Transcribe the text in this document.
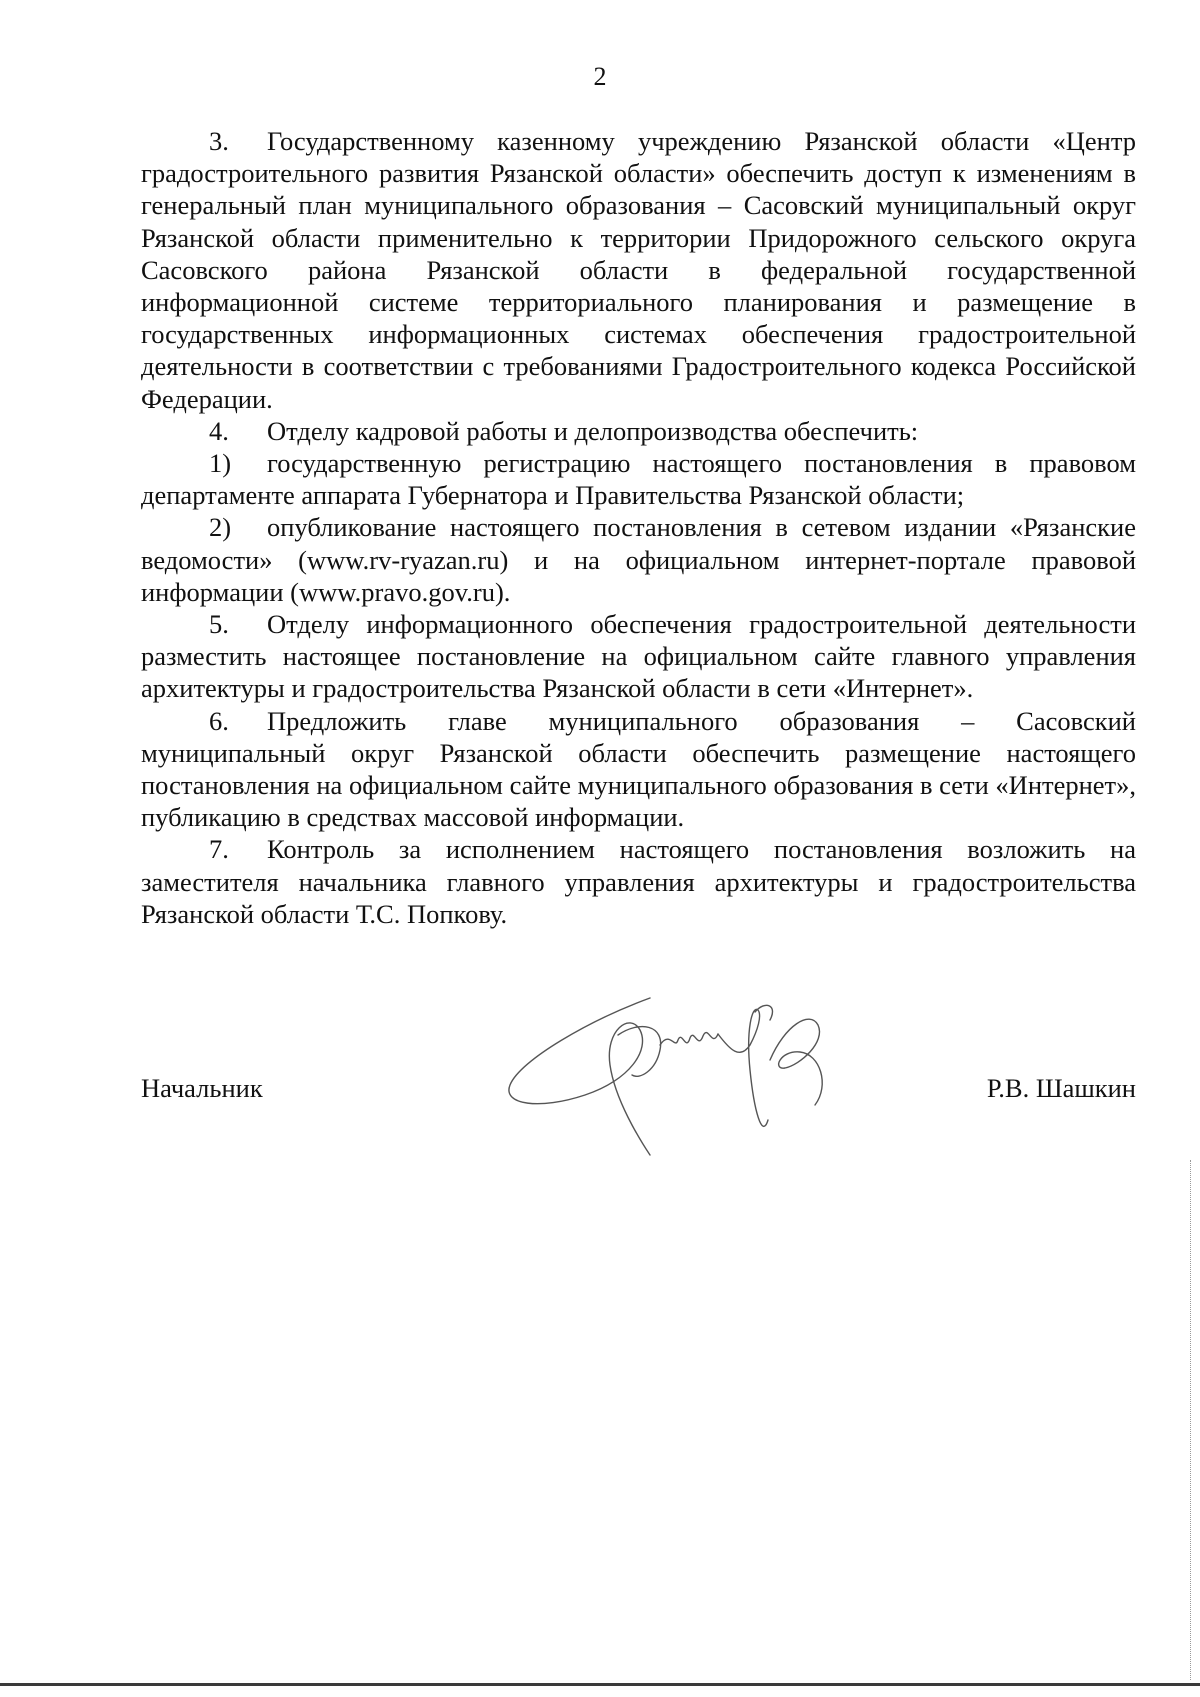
2

3. Государственному казенному учреждению Рязанской области «Центр градостроительного развития Рязанской области» обеспечить доступ к изменениям в генеральный план муниципального образования – Сасовский муниципальный округ Рязанской области применительно к территории Придорожного сельского округа Сасовского района Рязанской области в федеральной государственной информационной системе территориального планирования и размещение в государственных информационных системах обеспечения градостроительной деятельности в соответствии с требованиями Градостроительного кодекса Российской Федерации.

4. Отделу кадровой работы и делопроизводства обеспечить:

1) государственную регистрацию настоящего постановления в правовом департаменте аппарата Губернатора и Правительства Рязанской области;

2) опубликование настоящего постановления в сетевом издании «Рязанские ведомости» (www.rv-ryazan.ru) и на официальном интернет-портале правовой информации (www.pravo.gov.ru).

5. Отделу информационного обеспечения градостроительной деятельности разместить настоящее постановление на официальном сайте главного управления архитектуры и градостроительства Рязанской области в сети «Интернет».

6. Предложить главе муниципального образования – Сасовский муниципальный округ Рязанской области обеспечить размещение настоящего постановления на официальном сайте муниципального образования в сети «Интернет», публикацию в средствах массовой информации.

7. Контроль за исполнением настоящего постановления возложить на заместителя начальника главного управления архитектуры и градостроительства Рязанской области Т.С. Попкову.

Начальник	Р.В. Шашкин
